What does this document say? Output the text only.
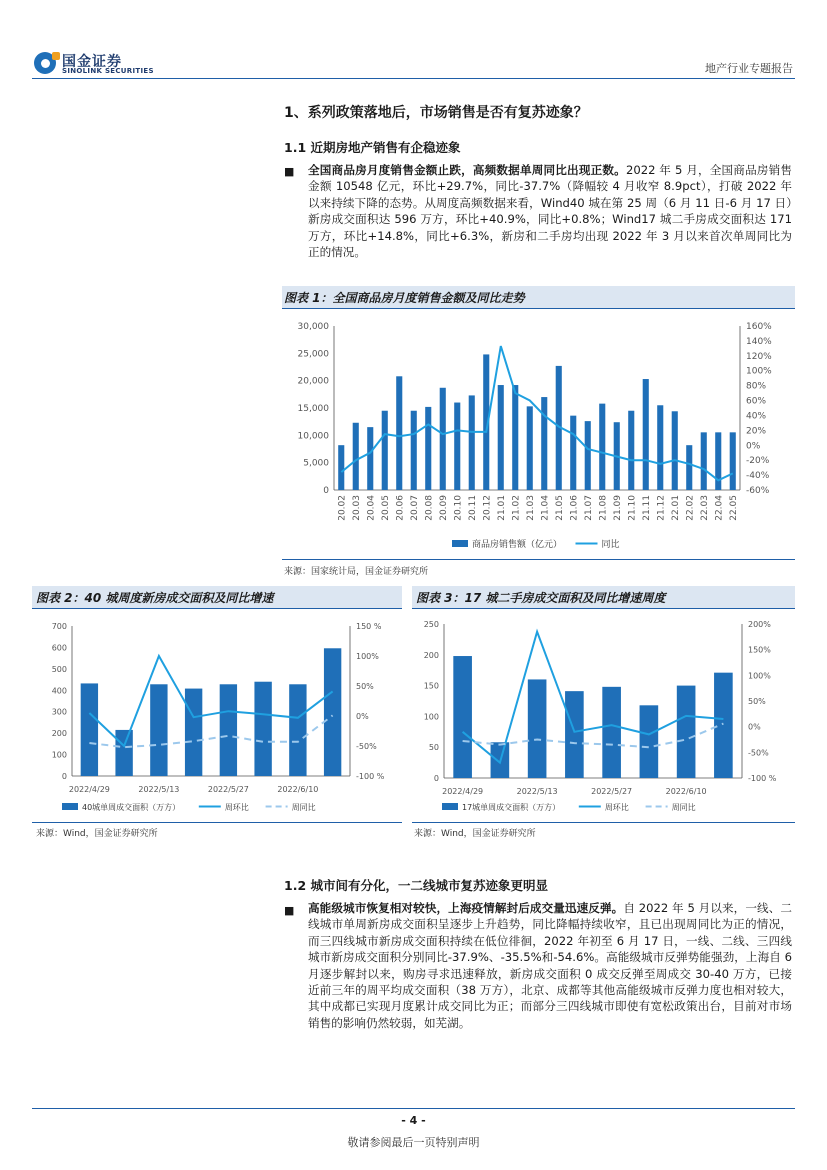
国金证券
SINOLINK SECURITIES	地产行业专题报告
1、系列政策落地后，市场销售是否有复苏迹象？
1.1 近期房地产销售有企稳迹象
■ 全国商品房月度销售金额止跌，高频数据单周同比出现正数。2022 年 5 月，全国商品房销售金额 10548 亿元，环比+29.7%，同比-37.7%（降幅较 4 月收窄 8.9pct），打破 2022 年以来持续下降的态势。从周度高频数据来看，Wind40 城在第 25 周（6 月 11 日-6 月 17 日）新房成交面积达 596 万方，环比+40.9%，同比+0.8%；Wind17 城二手房成交面积达 171 万方，环比+14.8%，同比+6.3%，新房和二手房均出现 2022 年 3 月以来首次单周同比为正的情况。
图表 1：全国商品房月度销售金额及同比走势
0
5,000
10,000
15,000
20,000
25,000
30,000
-60%
-40%
-20%
0%
20%
40%
60%
80%
100%
120%
140%
160%
20.02 20.03 20.04 20.05 20.06 20.07 20.08 20.09 20.10 20.11 20.12 21.01 21.02 21.03 21.04 21.05 21.06 21.07 21.08 21.09 21.10 21.11 21.12 22.01 22.02 22.03 22.04 22.05
商品房销售额（亿元）	同比
来源：国家统计局，国金证券研究所
图表 2：40 城周度新房成交面积及同比增速
0
100
200
300
400
500
600
700
-100 %
-50%
0%
50%
100%
150 %
2022/4/29	2022/5/13	2022/5/27	2022/6/10
40城单周成交面积（万方）	周环比	周同比
来源：Wind，国金证券研究所
图表 3：17 城二手房成交面积及同比增速周度
0
50
100
150
200
250
-100 %
-50%
0%
50%
100%
150%
200%
2022/4/29	2022/5/13	2022/5/27	2022/6/10
17城单周成交面积（万方）	周环比	周同比
来源：Wind，国金证券研究所
1.2 城市间有分化，一二线城市复苏迹象更明显
■ 高能级城市恢复相对较快，上海疫情解封后成交量迅速反弹。自 2022 年 5 月以来，一线、二线城市单周新房成交面积呈逐步上升趋势，同比降幅持续收窄，且已出现周同比为正的情况，而三四线城市新房成交面积持续在低位徘徊，2022 年初至 6 月 17 日，一线、二线、三四线城市新房成交面积分别同比-37.9%、-35.5%和-54.6%。高能级城市反弹势能强劲，上海自 6 月逐步解封以来，购房寻求迅速释放，新房成交面积 0 成交反弹至周成交 30-40 万方，已接近前三年的周平均成交面积（38 万方），北京、成都等其他高能级城市反弹力度也相对较大，其中成都已实现月度累计成交同比为正；而部分三四线城市即使有宽松政策出台，目前对市场销售的影响仍然较弱，如芜湖。
- 4 -
敬请参阅最后一页特别声明
